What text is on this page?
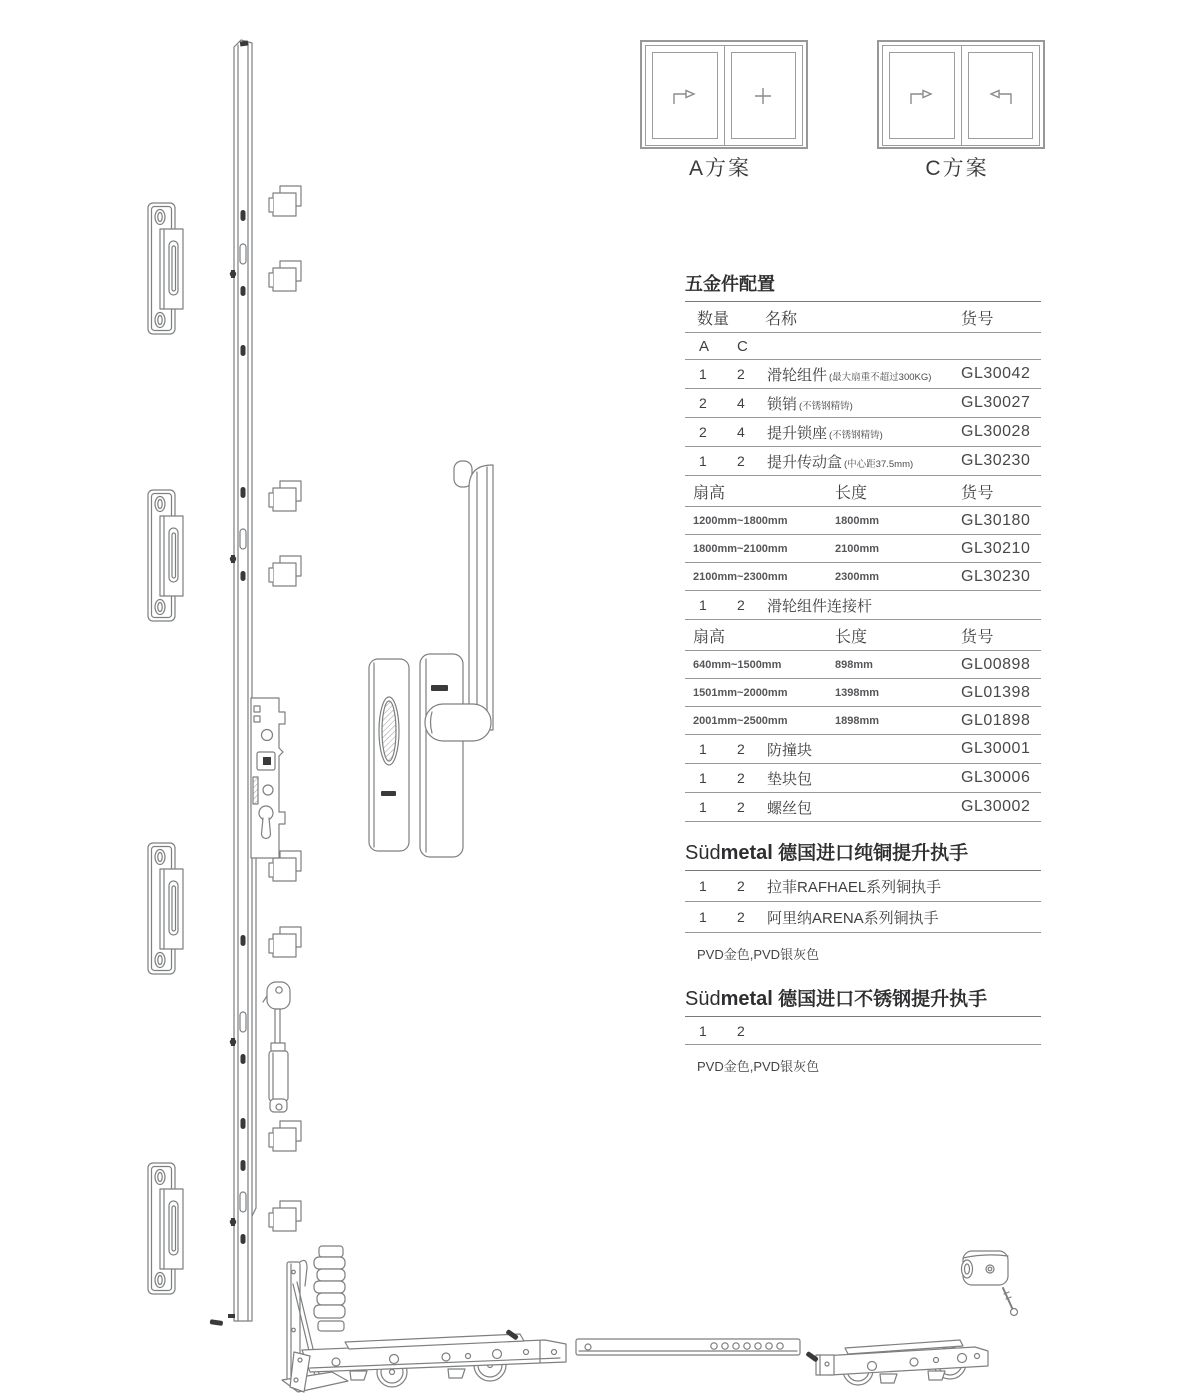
A方案	C方案
五金件配置
数量	名称	货号
A	C
1	2	滑轮组件 (最大扇重不超过300KG)	GL30042
2	4	锁销 (不锈钢精铸)	GL30027
2	4	提升锁座 (不锈钢精铸)	GL30028
1	2	提升传动盒 (中心距37.5mm)	GL30230
扇高	长度	货号
1200mm~1800mm	1800mm	GL30180
1800mm~2100mm	2100mm	GL30210
2100mm~2300mm	2300mm	GL30230
1	2	滑轮组件连接杆
扇高	长度	货号
640mm~1500mm	898mm	GL00898
1501mm~2000mm	1398mm	GL01398
2001mm~2500mm	1898mm	GL01898
1	2	防撞块	GL30001
1	2	垫块包	GL30006
1	2	螺丝包	GL30002
Südmetal 德国进口纯铜提升执手
1	2	拉菲RAFHAEL系列铜执手
1	2	阿里纳ARENA系列铜执手
PVD金色,PVD银灰色
Südmetal 德国进口不锈钢提升执手
1	2
PVD金色,PVD银灰色
